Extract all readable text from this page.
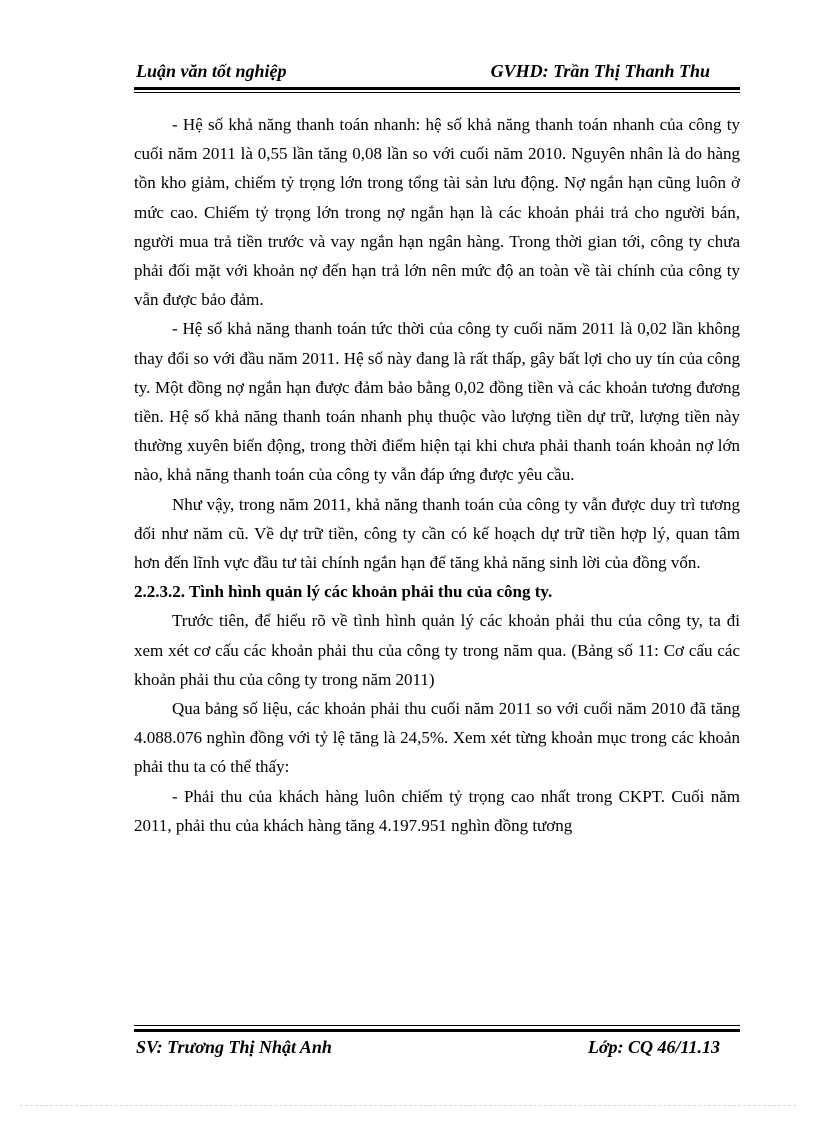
Luận văn tốt nghiệp	GVHD: Trần Thị Thanh Thu

- Hệ số khả năng thanh toán nhanh: hệ số khả năng thanh toán nhanh của công ty cuối năm 2011 là 0,55 lần tăng 0,08 lần so với cuối năm 2010. Nguyên nhân là do hàng tồn kho giảm, chiếm tỷ trọng lớn trong tổng tài sản lưu động. Nợ ngắn hạn cũng luôn ở mức cao. Chiếm tỷ trọng lớn trong nợ ngắn hạn là các khoản phải trả cho người bán, người mua trả tiền trước và vay ngắn hạn ngân hàng. Trong thời gian tới, công ty chưa phải đối mặt với khoản nợ đến hạn trả lớn nên mức độ an toàn về tài chính của công ty vẫn được bảo đảm.

- Hệ số khả năng thanh toán tức thời của công ty cuối năm 2011 là 0,02 lần không thay đổi so với đầu năm 2011. Hệ số này đang là rất thấp, gây bất lợi cho uy tín của công ty. Một đồng nợ ngắn hạn được đảm bảo bằng 0,02 đồng tiền và các khoản tương đương tiền. Hệ số khả năng thanh toán nhanh phụ thuộc vào lượng tiền dự trữ, lượng tiền này thường xuyên biến động, trong thời điểm hiện tại khi chưa phải thanh toán khoản nợ lớn nào, khả năng thanh toán của công ty vẫn đáp ứng được yêu cầu.

Như vậy, trong năm 2011, khả năng thanh toán của công ty vẫn được duy trì tương đối như năm cũ. Về dự trữ tiền, công ty cần có kế hoạch dự trữ tiền hợp lý, quan tâm hơn đến lĩnh vực đầu tư tài chính ngắn hạn để tăng khả năng sinh lời của đồng vốn.

2.2.3.2. Tình hình quản lý các khoản phải thu của công ty.

Trước tiên, để hiểu rõ về tình hình quản lý các khoản phải thu của công ty, ta đi xem xét cơ cấu các khoản phải thu của công ty trong năm qua. (Bảng số 11: Cơ cấu các khoản phải thu của công ty trong năm 2011)

Qua bảng số liệu, các khoản phải thu cuối năm 2011 so với cuối năm 2010 đã tăng 4.088.076 nghìn đồng với tỷ lệ tăng là 24,5%. Xem xét từng khoản mục trong các khoản phải thu ta có thể thấy:

- Phải thu của khách hàng luôn chiếm tỷ trọng cao nhất trong CKPT. Cuối năm 2011, phải thu của khách hàng tăng 4.197.951 nghìn đồng tương

SV: Trương Thị Nhật Anh	Lớp: CQ 46/11.13
